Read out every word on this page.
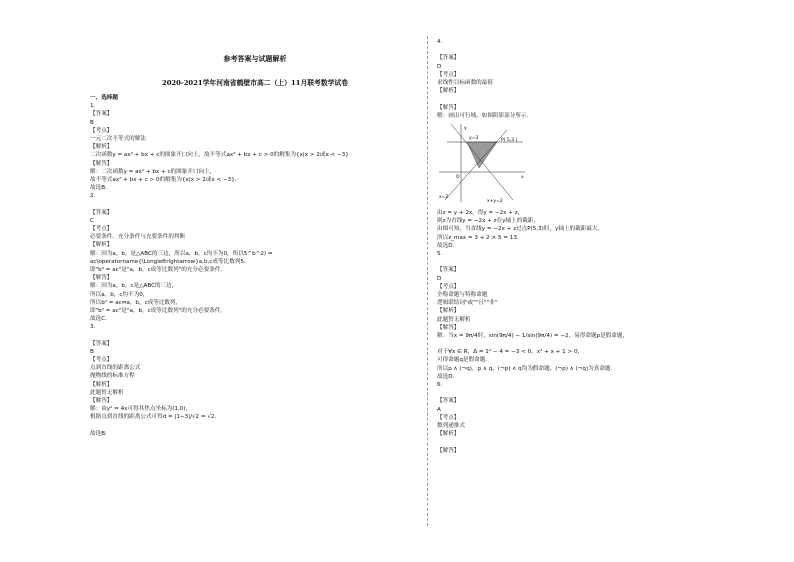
参考答案与试题解析
2020-2021学年河南省鹤壁市高二（上）11月联考数学试卷
一、选择题
1.
【答案】
B
【考点】
一元二次不等式的解法
【解析】
二次函数y = ax² + bx + c的图象开口向上，故不等式ax² + bx + c > 0的解集为{x|x > 2或x < −3}
【解答】
解：二次函数y = ax² + bx + c的图象开口向上，
故不等式ax² + bx + c > 0的解集为{x|x > 2或x < −3}.
故选B.
2.
【答案】
C
【考点】
必要条件、充分条件与充要条件的判断
【解析】
解：因为a，b，是△ABC的三边，所以a，b，c均不为0，所以5^b^2) =
ac\operatorname{\Longleftrightarrow}a,b,c成等比数列5，
即"b² = ac"是"a，b，c成等比数列"的充分必要条件。
【解答】
解：因为a，b，c是△ABC的三边，
所以a，b，c均不为0，
所以b² = ac⇔a，b，c成等比数列，
即"b² = ac"是"a，b，c成等比数列"的充分必要条件。
故选C.
3.
【答案】
B
【考点】
点到直线的距离公式
抛物线的标准方程
【解析】
此题暂无解析
【解答】
解：由y² = 4x可得其焦点坐标为(1,0)，
根据点到直线的距离公式可得d = |1−3|/√2 = √2.
故选B.
4.
【答案】
D
【考点】
求线性目标函数的最值
【解析】
【解答】
解：画出可行域，如图阴影部分所示.
y=3	P( 5,3 )
O	x
y
x=2
x+y=2
由z = y + 2x，得y = −2x + z，
则z为直线y = −2x + z在y轴上的截距，
由图可知，当直线y = −2x + z过点P(5,3)时，y轴上的截距最大，
所以z_max = 3 + 2 × 5 = 13.
故选D.
5.
【答案】
D
【考点】
全称命题与特称命题
逻辑联结词"或""且""非"
【解析】
此题暂无解析
【解答】
解：当x = 9π/4时，sin(9π/4) − 1/sin(9π/4) = −2，易得命题p是假命题，
对于∀x ∈ R，Δ = 1² − 4 = −3 < 0，x² + x + 1 > 0，
可得命题q是假命题.
所以p ∧ (¬q)，p ∧ q，(¬p) ∧ q均为假命题，(¬p) ∧ (¬q)为真命题.
故选D.
6.
【答案】
A
【考点】
数列递推式
【解析】
【解答】
